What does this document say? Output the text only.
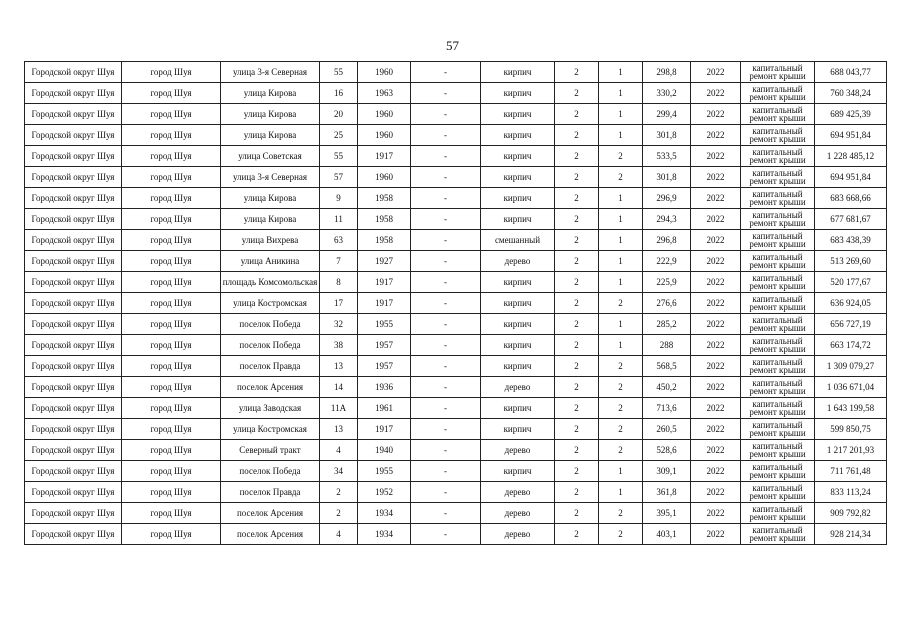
57
Городской округ Шуя	город Шуя	улица 3-я Северная	55	1960	-	кирпич	2	1	298,8	2022	капитальный ремонт крыши	688 043,77
Городской округ Шуя	город Шуя	улица Кирова	16	1963	-	кирпич	2	1	330,2	2022	капитальный ремонт крыши	760 348,24
Городской округ Шуя	город Шуя	улица Кирова	20	1960	-	кирпич	2	1	299,4	2022	капитальный ремонт крыши	689 425,39
Городской округ Шуя	город Шуя	улица Кирова	25	1960	-	кирпич	2	1	301,8	2022	капитальный ремонт крыши	694 951,84
Городской округ Шуя	город Шуя	улица Советская	55	1917	-	кирпич	2	2	533,5	2022	капитальный ремонт крыши	1 228 485,12
Городской округ Шуя	город Шуя	улица 3-я Северная	57	1960	-	кирпич	2	2	301,8	2022	капитальный ремонт крыши	694 951,84
Городской округ Шуя	город Шуя	улица Кирова	9	1958	-	кирпич	2	1	296,9	2022	капитальный ремонт крыши	683 668,66
Городской округ Шуя	город Шуя	улица Кирова	11	1958	-	кирпич	2	1	294,3	2022	капитальный ремонт крыши	677 681,67
Городской округ Шуя	город Шуя	улица Вихрева	63	1958	-	смешанный	2	1	296,8	2022	капитальный ремонт крыши	683 438,39
Городской округ Шуя	город Шуя	улица Аникина	7	1927	-	дерево	2	1	222,9	2022	капитальный ремонт крыши	513 269,60
Городской округ Шуя	город Шуя	площадь Комсомольская	8	1917	-	кирпич	2	1	225,9	2022	капитальный ремонт крыши	520 177,67
Городской округ Шуя	город Шуя	улица Костромская	17	1917	-	кирпич	2	2	276,6	2022	капитальный ремонт крыши	636 924,05
Городской округ Шуя	город Шуя	поселок Победа	32	1955	-	кирпич	2	1	285,2	2022	капитальный ремонт крыши	656 727,19
Городской округ Шуя	город Шуя	поселок Победа	38	1957	-	кирпич	2	1	288	2022	капитальный ремонт крыши	663 174,72
Городской округ Шуя	город Шуя	поселок Правда	13	1957	-	кирпич	2	2	568,5	2022	капитальный ремонт крыши	1 309 079,27
Городской округ Шуя	город Шуя	поселок Арсения	14	1936	-	дерево	2	2	450,2	2022	капитальный ремонт крыши	1 036 671,04
Городской округ Шуя	город Шуя	улица Заводская	11А	1961	-	кирпич	2	2	713,6	2022	капитальный ремонт крыши	1 643 199,58
Городской округ Шуя	город Шуя	улица Костромская	13	1917	-	кирпич	2	2	260,5	2022	капитальный ремонт крыши	599 850,75
Городской округ Шуя	город Шуя	Северный тракт	4	1940	-	дерево	2	2	528,6	2022	капитальный ремонт крыши	1 217 201,93
Городской округ Шуя	город Шуя	поселок Победа	34	1955	-	кирпич	2	1	309,1	2022	капитальный ремонт крыши	711 761,48
Городской округ Шуя	город Шуя	поселок Правда	2	1952	-	дерево	2	1	361,8	2022	капитальный ремонт крыши	833 113,24
Городской округ Шуя	город Шуя	поселок Арсения	2	1934	-	дерево	2	2	395,1	2022	капитальный ремонт крыши	909 792,82
Городской округ Шуя	город Шуя	поселок Арсения	4	1934	-	дерево	2	2	403,1	2022	капитальный ремонт крыши	928 214,34
